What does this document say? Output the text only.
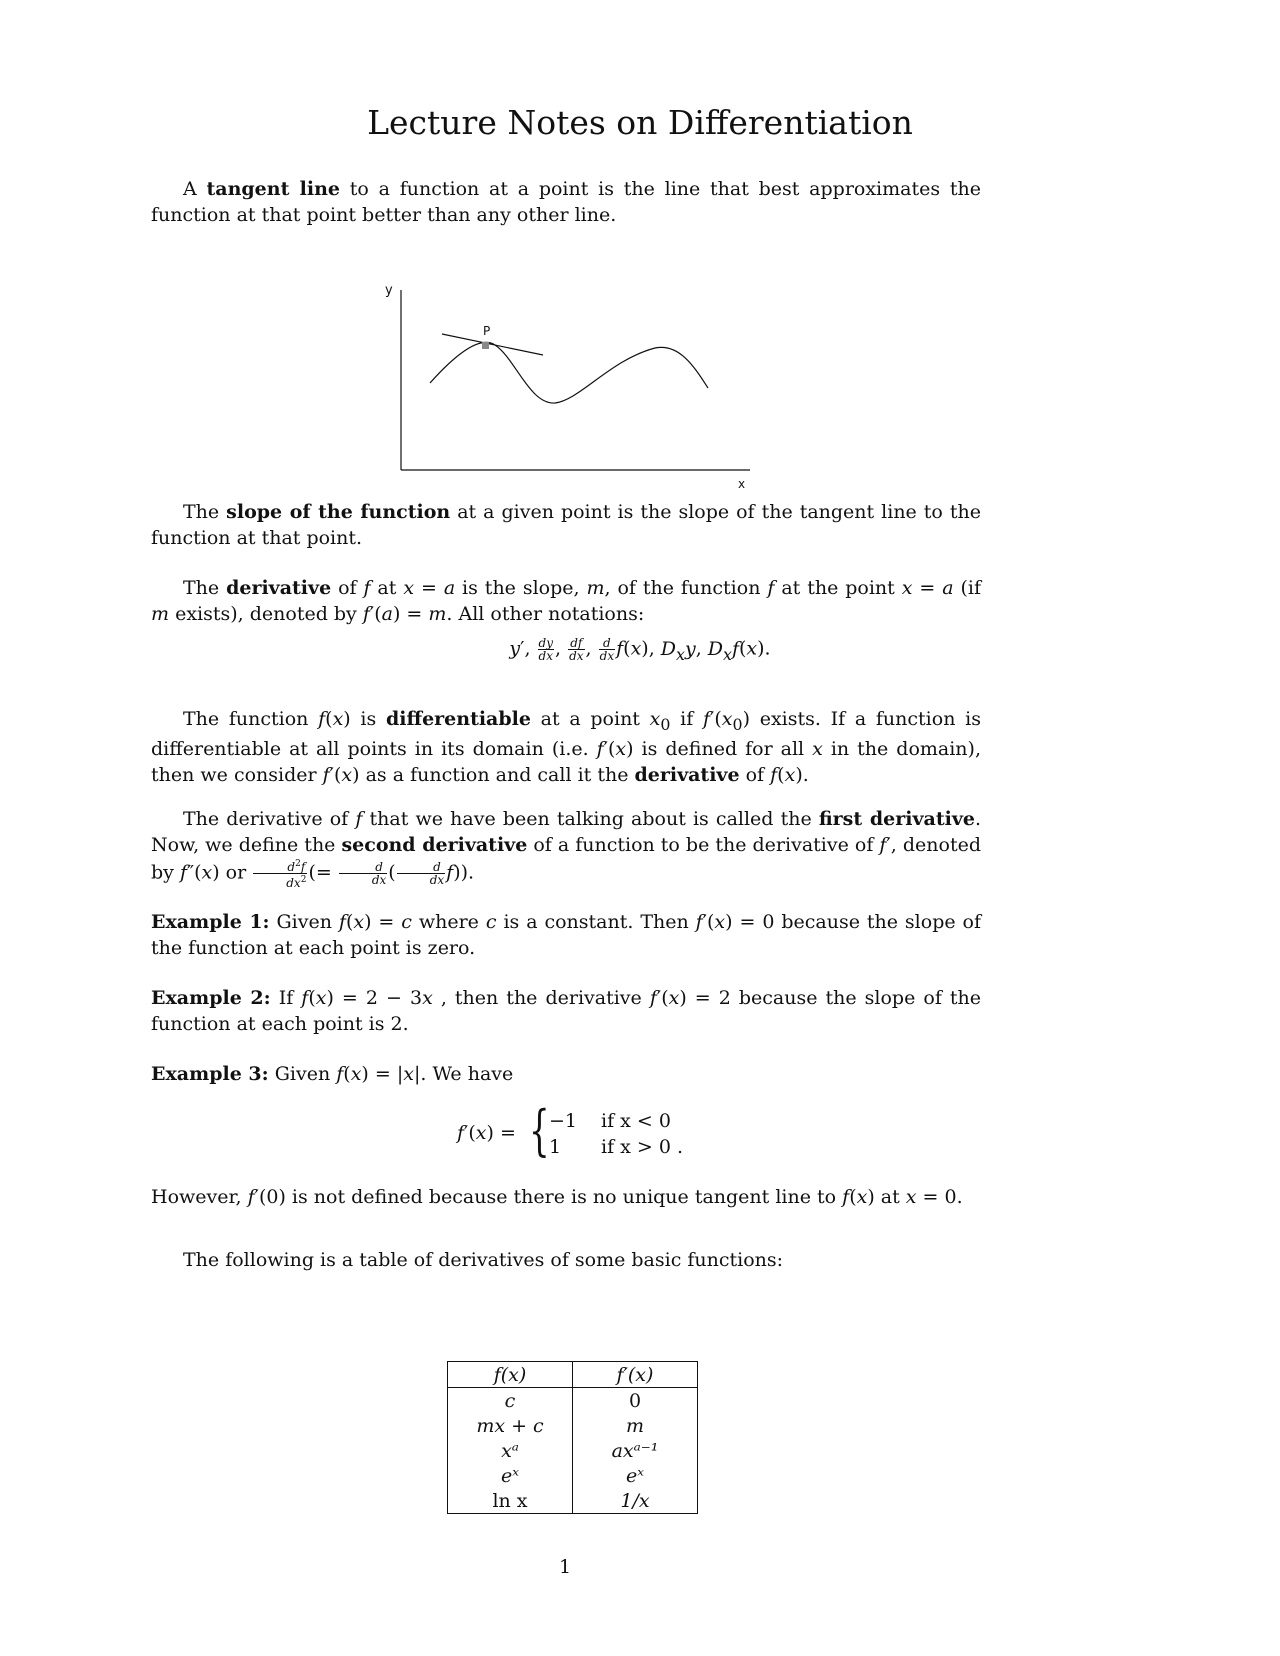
Lecture Notes on Differentiation
A tangent line to a function at a point is the line that best approximates the function at that point better than any other line.
y
x
P
The slope of the function at a given point is the slope of the tangent line to the function at that point.
The derivative of f at x = a is the slope, m, of the function f at the point x = a (if m exists), denoted by f′(a) = m. All other notations:
y′, $\frac{dy}{dx}$ , $\frac{df}{dx}$ , $\frac{d}{dx} f(x)$, $D_xy$, $D_xf(x)$.
The function f(x) is differentiable at a point $x_0$ if $f'(x_0)$ exists. If a function is differentiable at all points in its domain (i.e. f′(x) is defined for all x in the domain), then we consider f′(x) as a function and call it the derivative of f(x).
The derivative of f that we have been talking about is called the first derivative. Now, we define the second derivative of a function to be the derivative of f′, denoted by f″(x) or $\frac{d^2f}{dx^2}$ (= $\frac{d}{dx}$ ( $\frac{d}{dx} f$)).
Example 1: Given f(x) = c where c is a constant. Then f′(x) = 0 because the slope of the function at each point is zero.
Example 2: If f(x) = 2 − 3x , then the derivative f′(x) = 2 because the slope of the function at each point is 2.
Example 3: Given f(x) = |x|. We have
f′(x) = { −1 if x < 0
1 if x > 0 .
However, f′(0) is not defined because there is no unique tangent line to f(x) at x = 0.
The following is a table of derivatives of some basic functions:
f(x)	f′(x)
c	0
mx + c	m
xᵃ	axᵃ⁻¹
eˣ	eˣ
ln x	1/x
1
